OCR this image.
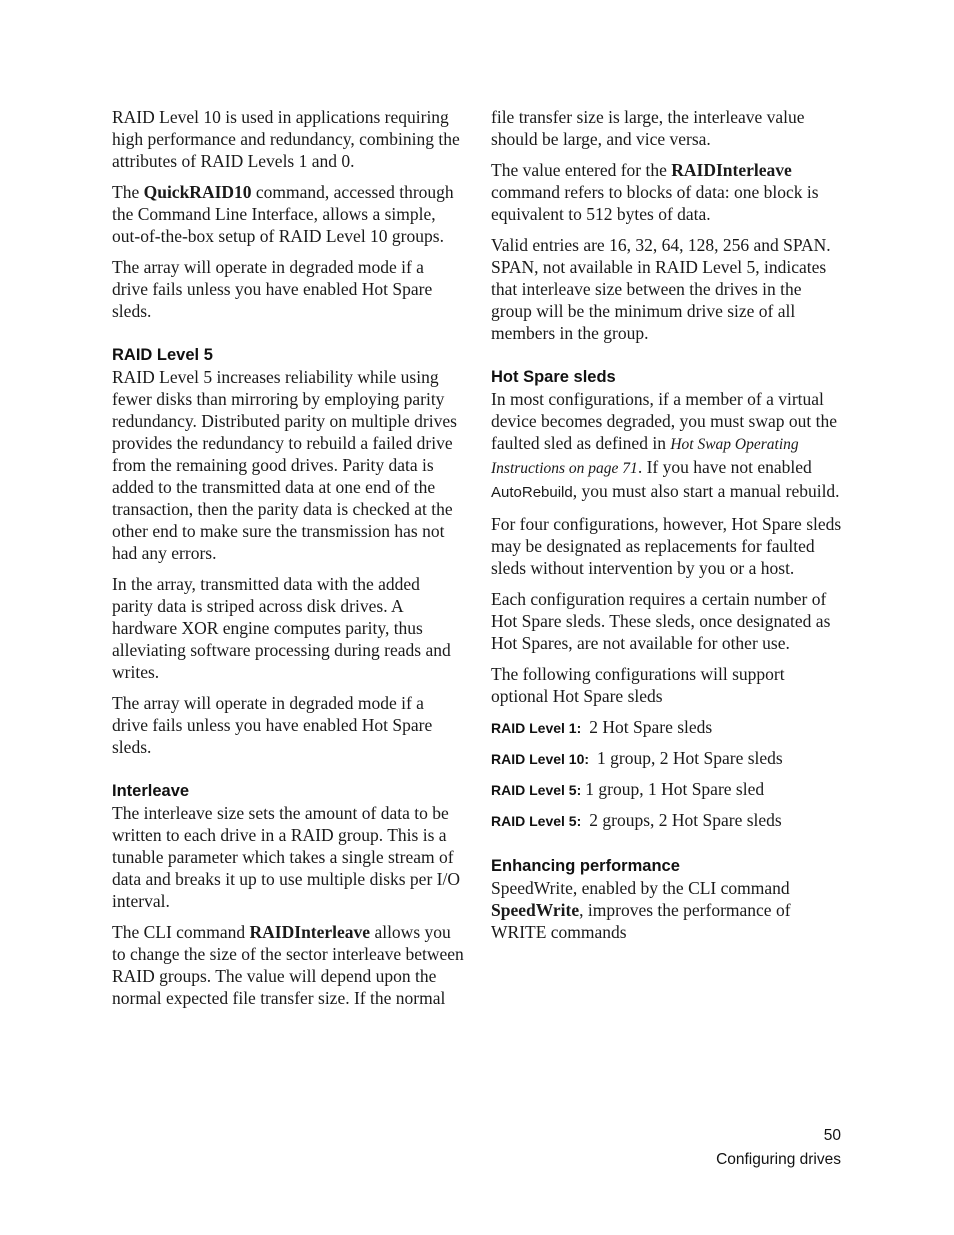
RAID Level 10 is used in applications requiring high performance and redundancy, combining the attributes of RAID Levels 1 and 0.

The QuickRAID10 command, accessed through the Command Line Interface, allows a simple, out-of-the-box setup of RAID Level 10 groups.

The array will operate in degraded mode if a drive fails unless you have enabled Hot Spare sleds.

RAID Level 5

RAID Level 5 increases reliability while using fewer disks than mirroring by employing parity redundancy. Distributed parity on multiple drives provides the redundancy to rebuild a failed drive from the remaining good drives. Parity data is added to the transmitted data at one end of the transaction, then the parity data is checked at the other end to make sure the transmission has not had any errors.

In the array, transmitted data with the added parity data is striped across disk drives. A hardware XOR engine computes parity, thus alleviating software processing during reads and writes.

The array will operate in degraded mode if a drive fails unless you have enabled Hot Spare sleds.

Interleave

The interleave size sets the amount of data to be written to each drive in a RAID group. This is a tunable parameter which takes a single stream of data and breaks it up to use multiple disks per I/O interval.

The CLI command RAIDInterleave allows you to change the size of the sector interleave between RAID groups. The value will depend upon the normal expected file transfer size. If the normal

file transfer size is large, the interleave value should be large, and vice versa.

The value entered for the RAIDInterleave command refers to blocks of data: one block is equivalent to 512 bytes of data.

Valid entries are 16, 32, 64, 128, 256 and SPAN. SPAN, not available in RAID Level 5, indicates that interleave size between the drives in the group will be the minimum drive size of all members in the group.

Hot Spare sleds

In most configurations, if a member of a virtual device becomes degraded, you must swap out the faulted sled as defined in Hot Swap Operating Instructions on page 71. If you have not enabled AutoRebuild, you must also start a manual rebuild.

For four configurations, however, Hot Spare sleds may be designated as replacements for faulted sleds without intervention by you or a host.

Each configuration requires a certain number of Hot Spare sleds. These sleds, once designated as Hot Spares, are not available for other use.

The following configurations will support optional Hot Spare sleds

RAID Level 1: 2 Hot Spare sleds
RAID Level 10: 1 group, 2 Hot Spare sleds
RAID Level 5: 1 group, 1 Hot Spare sled
RAID Level 5: 2 groups, 2 Hot Spare sleds
Enhancing performance

SpeedWrite, enabled by the CLI command SpeedWrite, improves the performance of WRITE commands

50
Configuring drives
